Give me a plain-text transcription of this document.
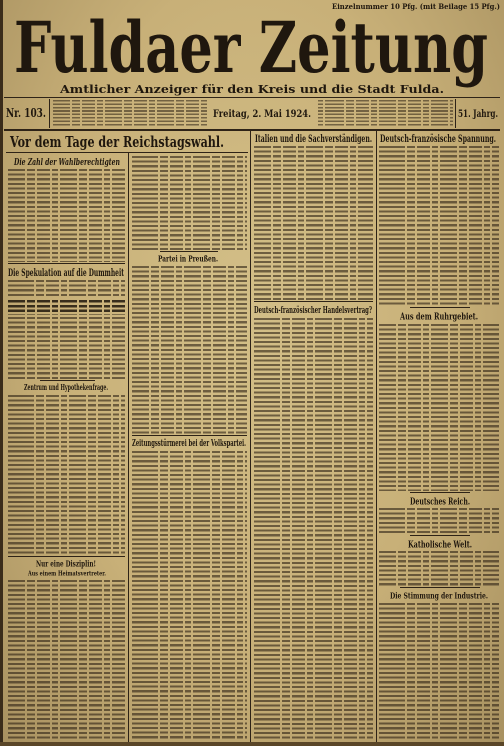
Einzelnummer 10 Pfg. (mit Beilage 15 Pfg.)
Fuldaer Zeitung
Amtlicher Anzeiger für den Kreis und die Stadt Fulda.
Nr. 103.	Freitag, 2. Mai 1924.	51. Jahrg.
Vor dem Tage der Reichstagswahl.
Die Zahl der Wahlberechtigten
Die Spekulation auf die Dummheit
Zentrum und Hypothekenfrage.
Nur eine Disziplin!
Aus einem Heimatsvertreter.
Partei in Preußen.
Zeitungsstürmerei bei der Volkspartei.
Italien und die Sachverständigen.
Deutsch-französischer Handelsvertrag?
Deutsch-französische Spannung.
Aus dem Ruhrgebiet.
Deutsches Reich.
Katholische Welt.
Die Stimmung der Industrie.
